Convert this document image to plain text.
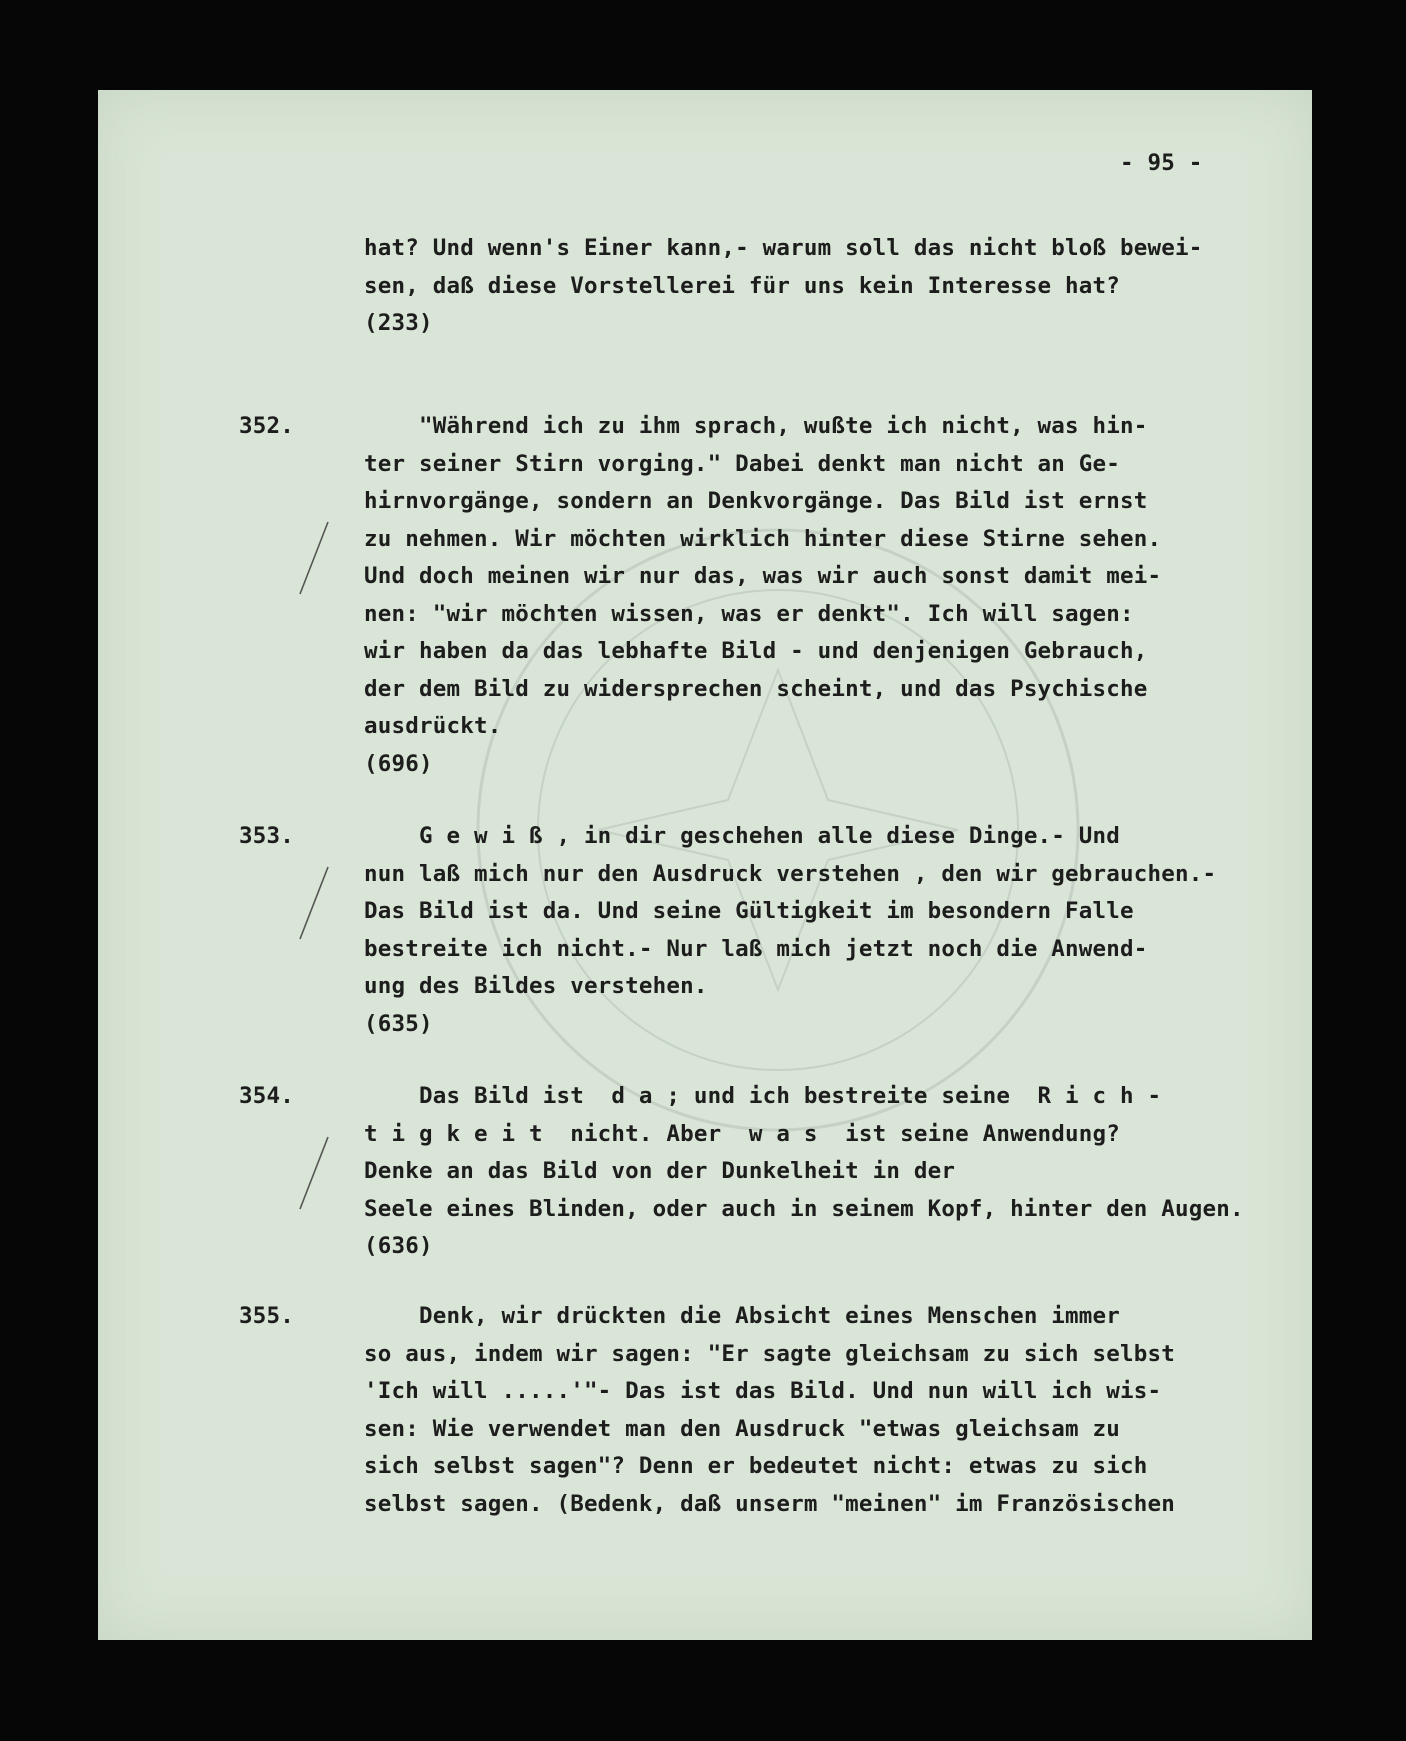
- 95 -
hat? Und wenn's Einer kann,- warum soll das nicht bloß bewei-
sen, daß diese Vorstellerei für uns kein Interesse hat?
(233)
352.	"Während ich zu ihm sprach, wußte ich nicht, was hin-
ter seiner Stirn vorging." Dabei denkt man nicht an Ge-
hirnvorgänge, sondern an Denkvorgänge. Das Bild ist ernst
zu nehmen. Wir möchten wirklich hinter diese Stirne sehen.
Und doch meinen wir nur das, was wir auch sonst damit mei-
nen: "wir möchten wissen, was er denkt". Ich will sagen:
wir haben da das lebhafte Bild - und denjenigen Gebrauch,
der dem Bild zu widersprechen scheint, und das Psychische
ausdrückt.
(696)
353.	G e w i ß , in dir geschehen alle diese Dinge.- Und
nun laß mich nur den Ausdruck verstehen , den wir gebrauchen.-
Das Bild ist da. Und seine Gültigkeit im besondern Falle
bestreite ich nicht.- Nur laß mich jetzt noch die Anwend-
ung des Bildes verstehen.
(635)
354.	Das Bild ist  d a ; und ich bestreite seine  R i c h -
t i g k e i t  nicht. Aber  w a s  ist seine Anwendung?
Denke an das Bild von der Dunkelheit in der
Seele eines Blinden, oder auch in seinem Kopf, hinter den Augen.
(636)
355.	Denk, wir drückten die Absicht eines Menschen immer
so aus, indem wir sagen: "Er sagte gleichsam zu sich selbst
'Ich will .....'"- Das ist das Bild. Und nun will ich wis-
sen: Wie verwendet man den Ausdruck "etwas gleichsam zu
sich selbst sagen"? Denn er bedeutet nicht: etwas zu sich
selbst sagen. (Bedenk, daß unserm "meinen" im Französischen
